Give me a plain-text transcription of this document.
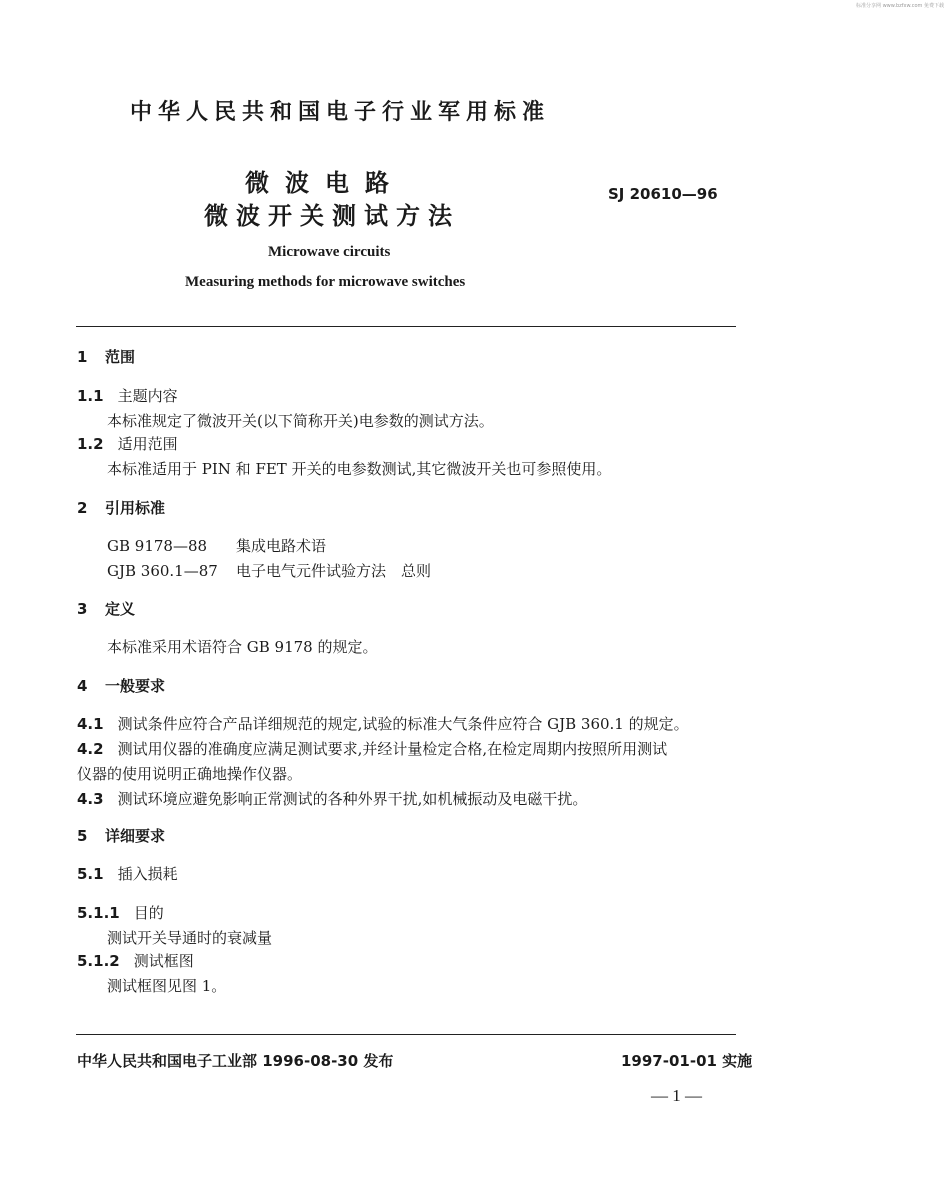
标准分享网 www.bzfxw.com 免费下载
中华人民共和国电子行业军用标准
微波电路
微波开关测试方法
SJ 20610—96
Microwave circuits
Measuring methods for microwave switches
1 范围
1.1 主题内容
本标准规定了微波开关(以下简称开关)电参数的测试方法。
1.2 适用范围
本标准适用于 PIN 和 FET 开关的电参数测试,其它微波开关也可参照使用。
2 引用标准
GB 9178—88 集成电路术语
GJB 360.1—87 电子电气元件试验方法　总则
3 定义
本标准采用术语符合 GB 9178 的规定。
4 一般要求
4.1 测试条件应符合产品详细规范的规定,试验的标准大气条件应符合 GJB 360.1 的规定。
4.2 测试用仪器的准确度应满足测试要求,并经计量检定合格,在检定周期内按照所用测试
仪器的使用说明正确地操作仪器。
4.3 测试环境应避免影响正常测试的各种外界干扰,如机械振动及电磁干扰。
5 详细要求
5.1 插入损耗
5.1.1 目的
测试开关导通时的衰减量
5.1.2 测试框图
测试框图见图 1。
中华人民共和国电子工业部 1996-08-30 发布	1997-01-01 实施
— 1 —
